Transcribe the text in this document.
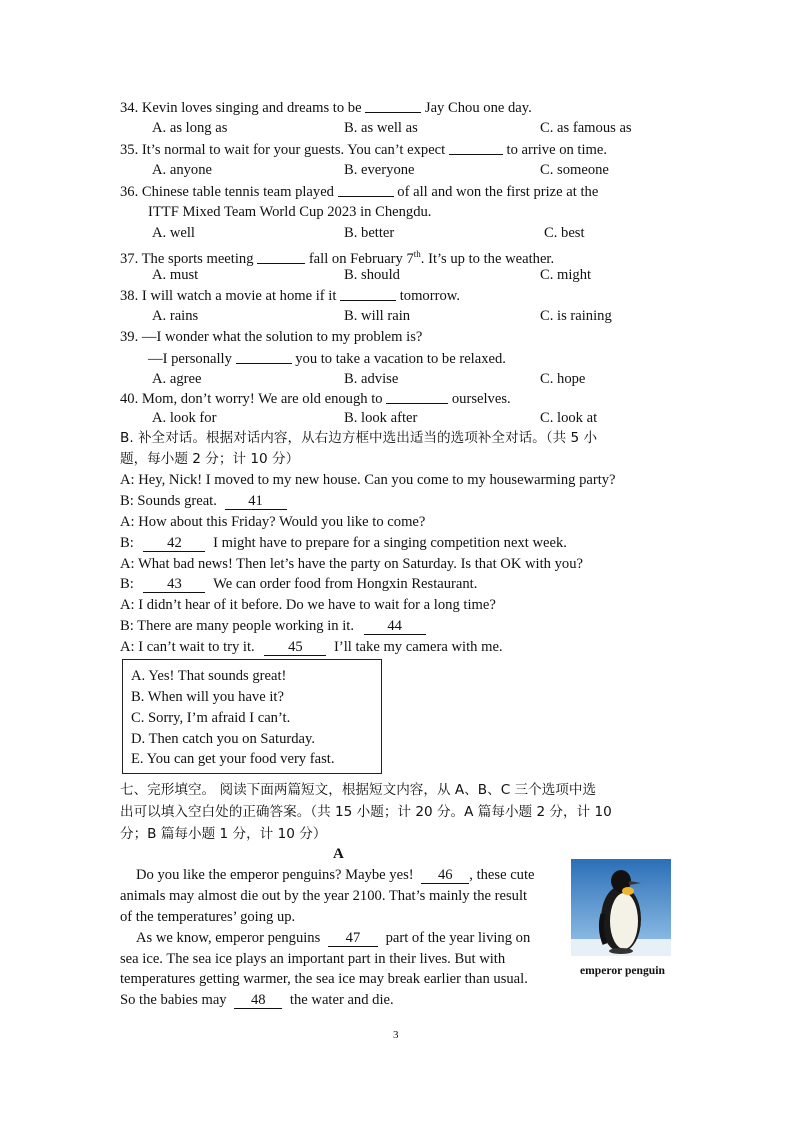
34. Kevin loves singing and dreams to be	Jay Chou one day.
A. as long as	B. as well as	C. as famous as
35. It’s normal to wait for your guests. You can’t expect	to arrive on time.
A. anyone	B. everyone	C. someone
36. Chinese table tennis team played	of all and won the first prize at the
ITTF Mixed Team World Cup 2023 in Chengdu.
A. well	B. better	C. best
37. The sports meeting	fall on February 7th. It’s up to the weather.
A. must	B. should	C. might
38. I will watch a movie at home if it	tomorrow.
A. rains	B. will rain	C. is raining
39. —I wonder what the solution to my problem is?
—I personally	you to take a vacation to be relaxed.
A. agree	B. advise	C. hope
40. Mom, don’t worry! We are old enough to	ourselves.
A. look for	B. look after	C. look at
B. 补全对话。根据对话内容，从右边方框中选出适当的选项补全对话。（共 5 小
题，每小题 2 分；计 10 分）
A: Hey, Nick! I moved to my new house. Can you come to my housewarming party?
B: Sounds great. 41
A: How about this Friday? Would you like to come?
B: 42 I might have to prepare for a singing competition next week.
A: What bad news! Then let’s have the party on Saturday. Is that OK with you?
B: 43 We can order food from Hongxin Restaurant.
A: I didn’t hear of it before. Do we have to wait for a long time?
B: There are many people working in it. 44
A: I can’t wait to try it. 45 I’ll take my camera with me.
A. Yes! That sounds great!
B. When will you have it?
C. Sorry, I’m afraid I can’t.
D. Then catch you on Saturday.
E. You can get your food very fast.
七、完形填空。 阅读下面两篇短文，根据短文内容，从 A、B、C 三个选项中选
出可以填入空白处的正确答案。（共 15 小题；计 20 分。A 篇每小题 2 分，计 10
分；B 篇每小题 1 分，计 10 分）
A
Do you like the emperor penguins? Maybe yes! 46 , these cute
animals may almost die out by the year 2100. That’s mainly the result
of the temperatures’ going up.
As we know, emperor penguins 47 part of the year living on
sea ice. The sea ice plays an important part in their lives. But with
temperatures getting warmer, the sea ice may break earlier than usual.
So the babies may 48 the water and die.
emperor penguin
3
